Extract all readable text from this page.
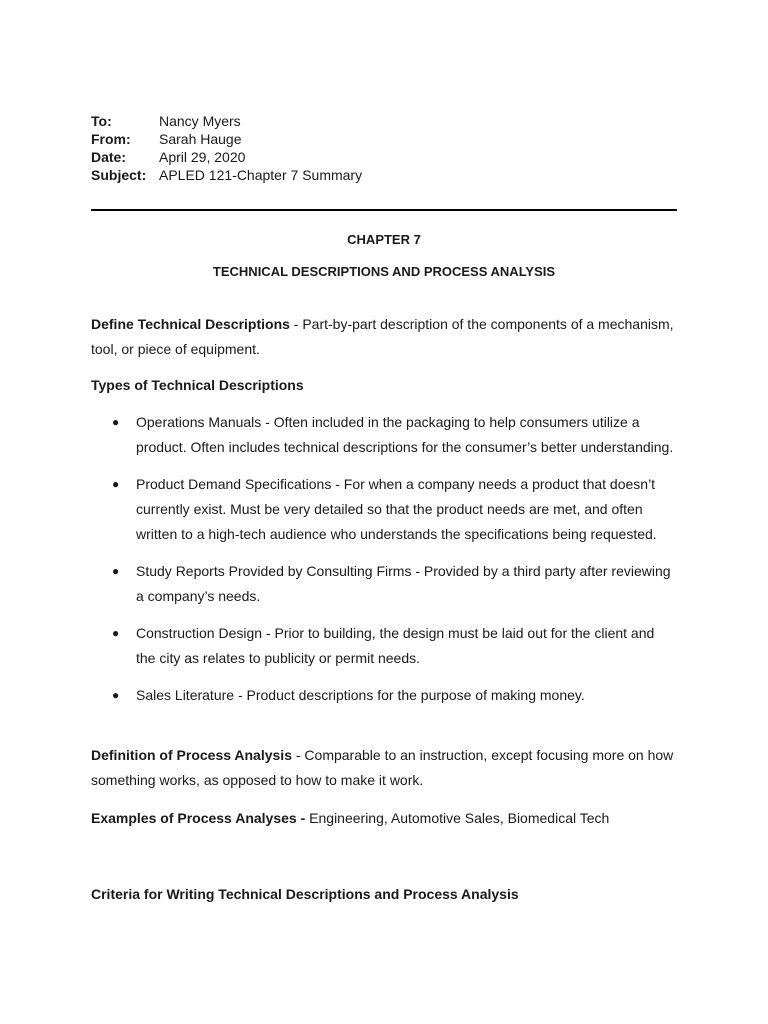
To:	Nancy Myers
From:	Sarah Hauge
Date:	April 29, 2020
Subject: APLED 121-Chapter 7 Summary
CHAPTER 7
TECHNICAL DESCRIPTIONS AND PROCESS ANALYSIS
Define Technical Descriptions - Part-by-part description of the components of a mechanism, tool, or piece of equipment.
Types of Technical Descriptions
● Operations Manuals - Often included in the packaging to help consumers utilize a product. Often includes technical descriptions for the consumer’s better understanding.
● Product Demand Specifications - For when a company needs a product that doesn’t currently exist. Must be very detailed so that the product needs are met, and often written to a high-tech audience who understands the specifications being requested.
● Study Reports Provided by Consulting Firms - Provided by a third party after reviewing a company’s needs.
● Construction Design - Prior to building, the design must be laid out for the client and the city as relates to publicity or permit needs.
● Sales Literature - Product descriptions for the purpose of making money.
Definition of Process Analysis - Comparable to an instruction, except focusing more on how something works, as opposed to how to make it work.
Examples of Process Analyses - Engineering, Automotive Sales, Biomedical Tech
Criteria for Writing Technical Descriptions and Process Analysis
